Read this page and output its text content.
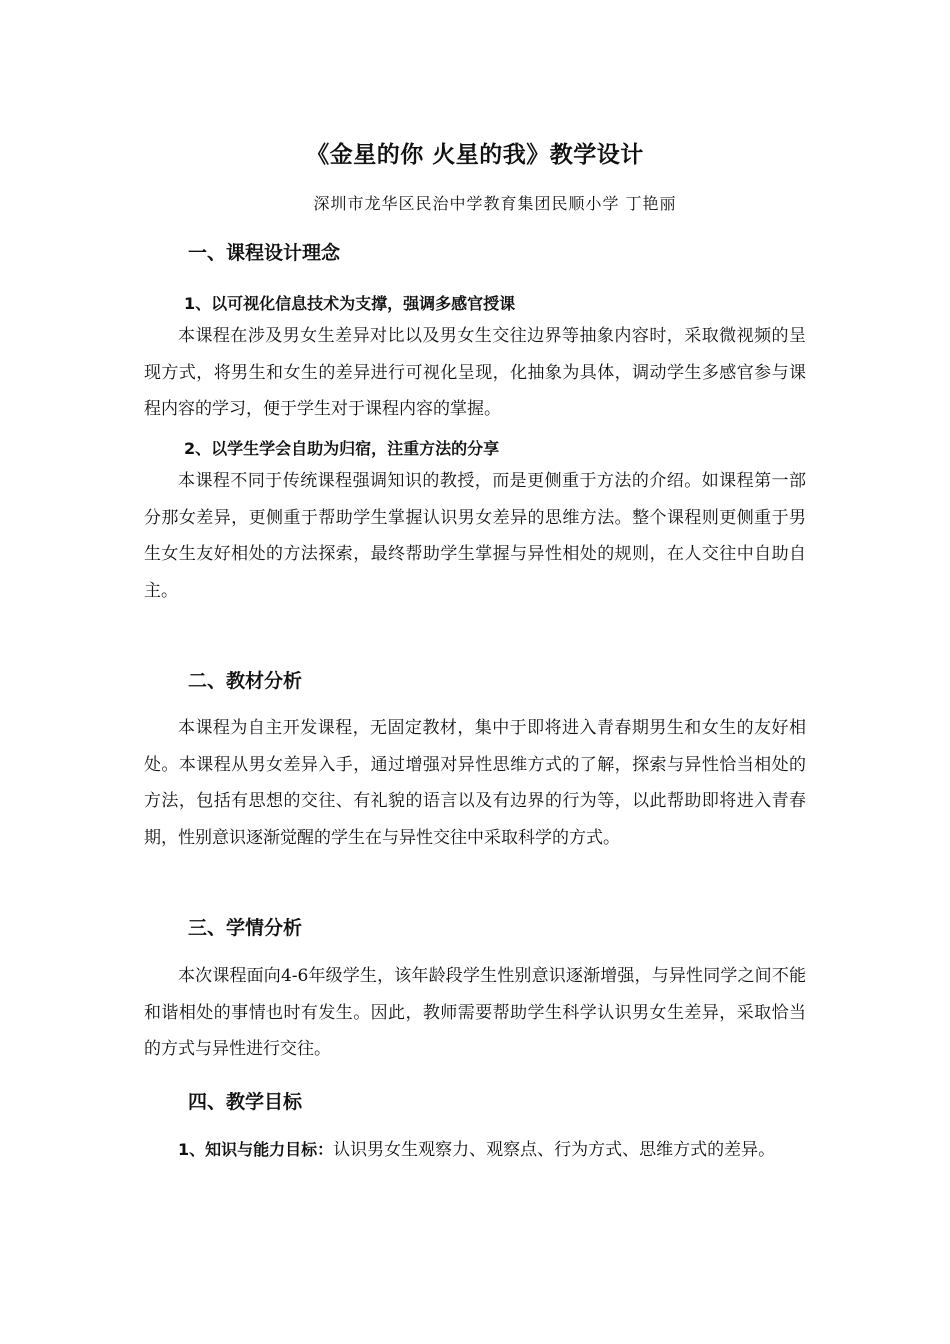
《金星的你 火星的我》教学设计

深圳市龙华区民治中学教育集团民顺小学 丁艳丽

一、课程设计理念
1、以可视化信息技术为支撑，强调多感官授课

本课程在涉及男女生差异对比以及男女生交往边界等抽象内容时，采取微视频的呈现方式，将男生和女生的差异进行可视化呈现，化抽象为具体，调动学生多感官参与课程内容的学习，便于学生对于课程内容的掌握。

2、以学生学会自助为归宿，注重方法的分享

本课程不同于传统课程强调知识的教授，而是更侧重于方法的介绍。如课程第一部分那女差异，更侧重于帮助学生掌握认识男女差异的思维方法。整个课程则更侧重于男生女生友好相处的方法探索，最终帮助学生掌握与异性相处的规则，在人交往中自助自主。

二、教材分析

本课程为自主开发课程，无固定教材，集中于即将进入青春期男生和女生的友好相处。本课程从男女差异入手，通过增强对异性思维方式的了解，探索与异性恰当相处的方法，包括有思想的交往、有礼貌的语言以及有边界的行为等，以此帮助即将进入青春期，性别意识逐渐觉醒的学生在与异性交往中采取科学的方式。

三、学情分析

本次课程面向4-6年级学生，该年龄段学生性别意识逐渐增强，与异性同学之间不能和谐相处的事情也时有发生。因此，教师需要帮助学生科学认识男女生差异，采取恰当的方式与异性进行交往。

四、教学目标

1、知识与能力目标：认识男女生观察力、观察点、行为方式、思维方式的差异。
